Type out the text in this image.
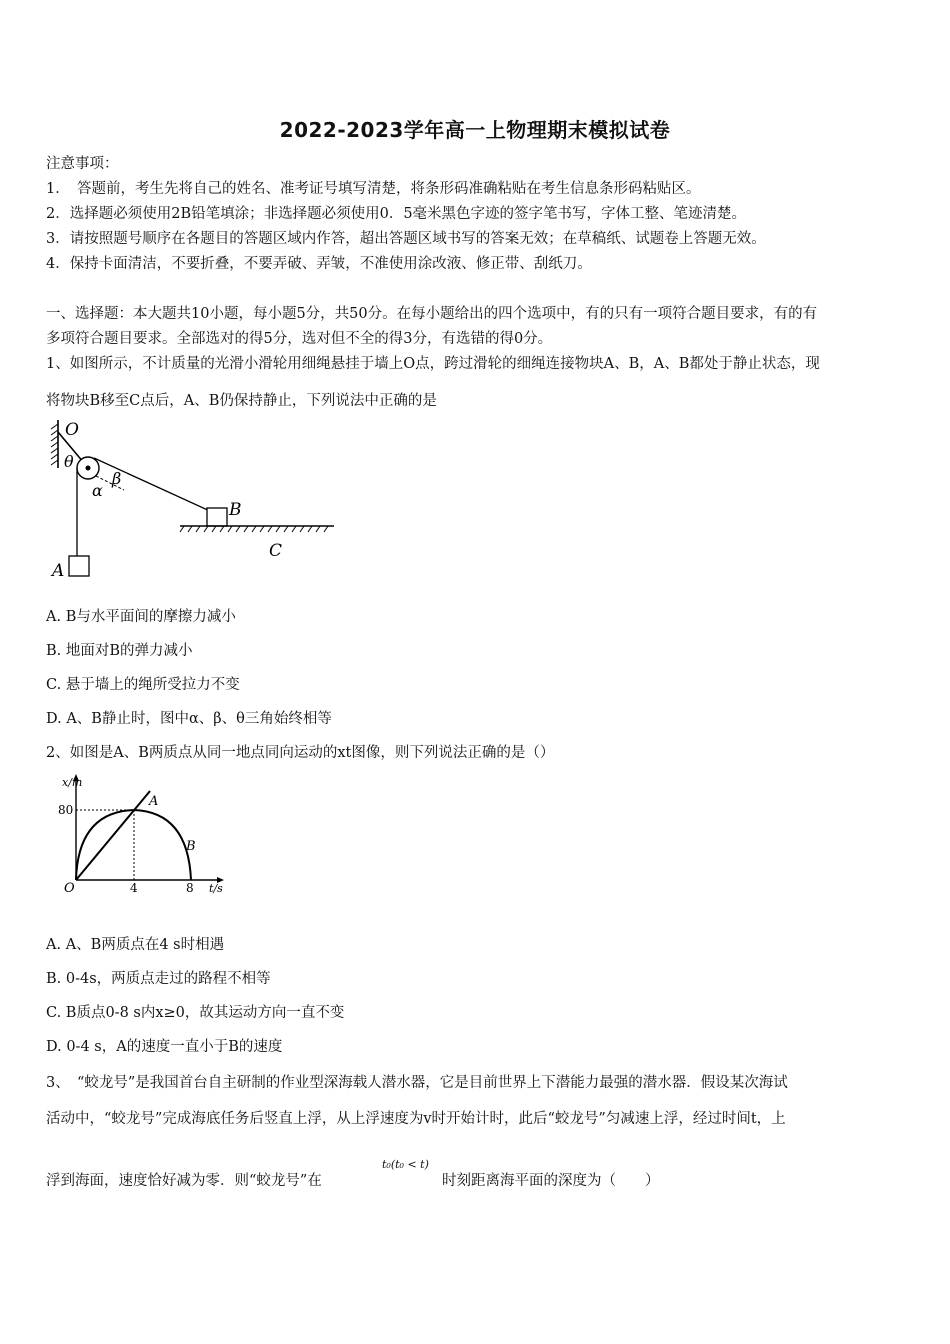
2022-2023学年高一上物理期末模拟试卷
注意事项：
1．　答题前，考生先将自己的姓名、准考证号填写清楚，将条形码准确粘贴在考生信息条形码粘贴区。
2．选择题必须使用2B铅笔填涂；非选择题必须使用0．5毫米黑色字迹的签字笔书写，字体工整、笔迹清楚。
3．请按照题号顺序在各题目的答题区域内作答，超出答题区域书写的答案无效；在草稿纸、试题卷上答题无效。
4．保持卡面清洁，不要折叠，不要弄破、弄皱，不准使用涂改液、修正带、刮纸刀。
一、选择题：本大题共10小题，每小题5分，共50分。在每小题给出的四个选项中，有的只有一项符合题目要求，有的有
多项符合题目要求。全部选对的得5分，选对但不全的得3分，有选错的得0分。
1、如图所示，不计质量的光滑小滑轮用细绳悬挂于墙上O点，跨过滑轮的细绳连接物块A、B，A、B都处于静止状态，现
将物块B移至C点后，A、B仍保持静止，下列说法中正确的是
O
θ
α
β
B
C
A
A. B与水平面间的摩擦力减小
B. 地面对B的弹力减小
C. 悬于墙上的绳所受拉力不变
D. A、B静止时，图中α、β、θ三角始终相等
2、如图是A、B两质点从同一地点同向运动的xt图像，则下列说法正确的是（）
x/m
80
O	4	8 t/s
A
B
A. A、B两质点在4 s时相遇
B. 0-4s，两质点走过的路程不相等
C. B质点0-8 s内x≥0，故其运动方向一直不变
D. 0-4 s，A的速度一直小于B的速度
3、　“蛟龙号”是我国首台自主研制的作业型深海载人潜水器，它是目前世界上下潜能力最强的潜水器．假设某次海试
活动中，“蛟龙号”完成海底任务后竖直上浮，从上浮速度为v时开始计时，此后“蛟龙号”匀减速上浮，经过时间t，上
浮到海面，速度恰好减为零．则“蛟龙号”在
t₀(t₀ < t)
时刻距离海平面的深度为（　　）
